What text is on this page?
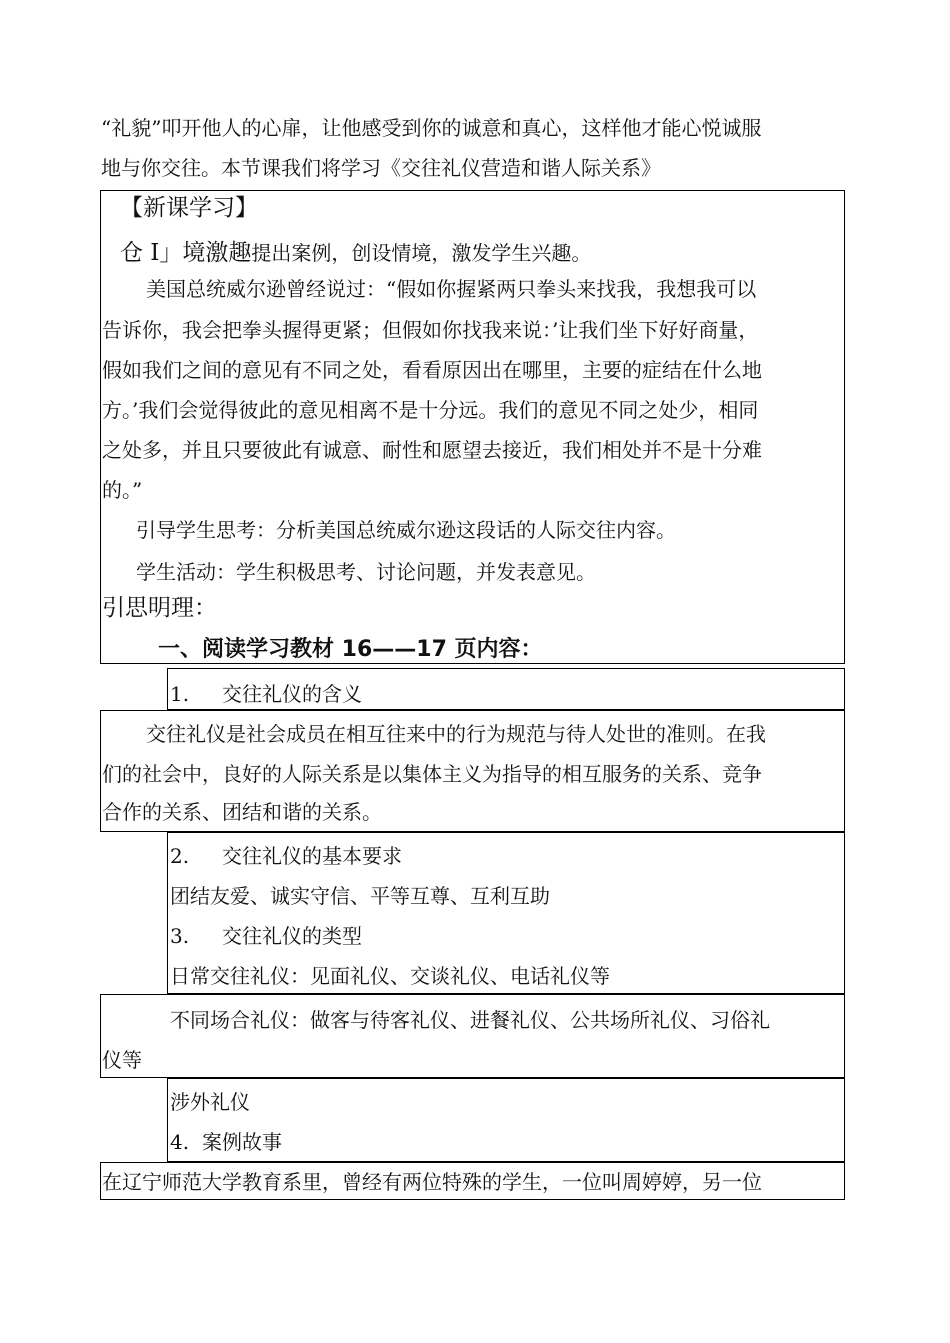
“礼貌”叩开他人的心扉，让他感受到你的诚意和真心，这样他才能心悦诚服
地与你交往。本节课我们将学习《交往礼仪营造和谐人际关系》
【新课学习】
仓 I」境激趣提出案例，创设情境，激发学生兴趣。
美国总统威尔逊曾经说过：“假如你握紧两只拳头来找我，我想我可以
告诉你，我会把拳头握得更紧；但假如你找我来说：’让我们坐下好好商量，
假如我们之间的意见有不同之处，看看原因出在哪里，主要的症结在什么地
方。’我们会觉得彼此的意见相离不是十分远。我们的意见不同之处少，相同
之处多，并且只要彼此有诚意、耐性和愿望去接近，我们相处并不是十分难
的。”
引导学生思考：分析美国总统威尔逊这段话的人际交往内容。
学生活动：学生积极思考、讨论问题，并发表意见。
引思明理：
一、阅读学习教材 16——17 页内容：
1. 交往礼仪的含义
交往礼仪是社会成员在相互往来中的行为规范与待人处世的准则。在我
们的社会中，良好的人际关系是以集体主义为指导的相互服务的关系、竞争
合作的关系、团结和谐的关系。
2. 交往礼仪的基本要求
团结友爱、诚实守信、平等互尊、互利互助
3. 交往礼仪的类型
日常交往礼仪：见面礼仪、交谈礼仪、电话礼仪等
不同场合礼仪：做客与待客礼仪、进餐礼仪、公共场所礼仪、习俗礼
仪等
涉外礼仪
4. 案例故事
在辽宁师范大学教育系里，曾经有两位特殊的学生，一位叫周婷婷，另一位
